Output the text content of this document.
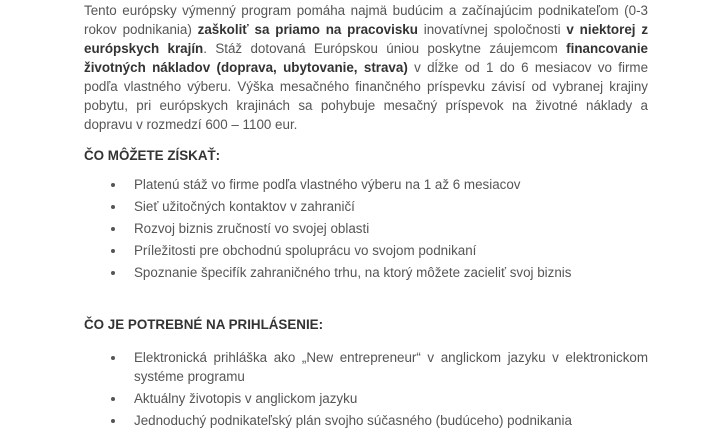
Tento európsky výmenný program pomáha najmä budúcim a začínajúcim podnikateľom (0-3 rokov podnikania) zaškoliť sa priamo na pracovisku inovatívnej spoločnosti v niektorej z európskych krajín. Stáž dotovaná Európskou úniou poskytne záujemcom financovanie životných nákladov (doprava, ubytovanie, strava) v dĺžke od 1 do 6 mesiacov vo firme podľa vlastného výberu. Výška mesačného finančného príspevku závisí od vybranej krajiny pobytu, pri európskych krajinách sa pohybuje mesačný príspevok na životné náklady a dopravu v rozmedzí 600 – 1100 eur.

ČO MÔŽETE ZÍSKAŤ:
Platenú stáž vo firme podľa vlastného výberu na 1 až 6 mesiacov
Sieť užitočných kontaktov v zahraničí
Rozvoj biznis zručností vo svojej oblasti
Príležitosti pre obchodnú spoluprácu vo svojom podnikaní
Spoznanie špecifík zahraničného trhu, na ktorý môžete zacieliť svoj biznis
ČO JE POTREBNÉ NA PRIHLÁSENIE:
Elektronická prihláška ako „New entrepreneur“ v anglickom jazyku v elektronickom systéme programu
Aktuálny životopis v anglickom jazyku
Jednoduchý podnikateľský plán svojho súčasného (budúceho) podnikania
